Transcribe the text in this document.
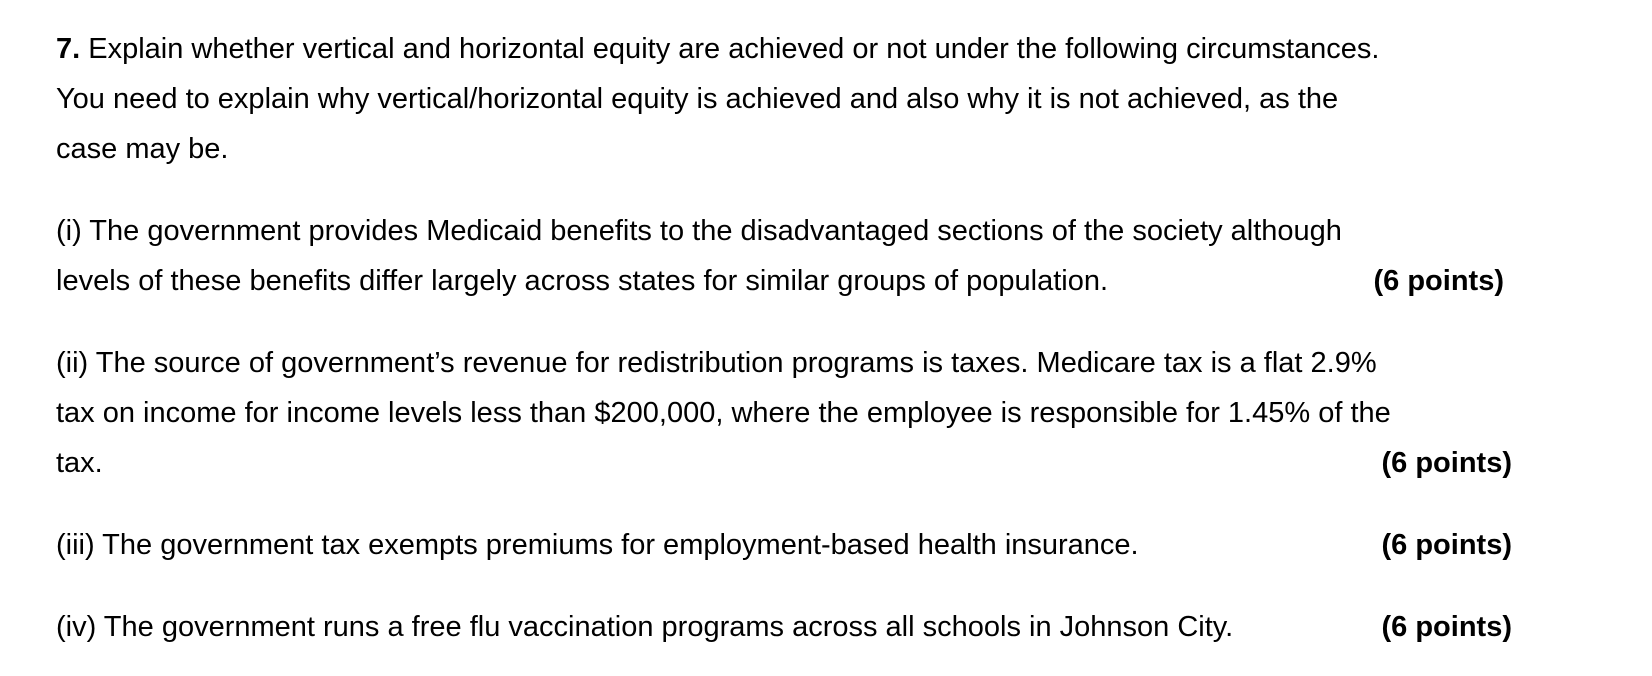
7. Explain whether vertical and horizontal equity are achieved or not under the following circumstances.
You need to explain why vertical/horizontal equity is achieved and also why it is not achieved, as the
case may be.
(i) The government provides Medicaid benefits to the disadvantaged sections of the society although
levels of these benefits differ largely across states for similar groups of population.	(6 points)
(ii) The source of government’s revenue for redistribution programs is taxes. Medicare tax is a flat 2.9%
tax on income for income levels less than $200,000, where the employee is responsible for 1.45% of the
tax.	(6 points)
(iii) The government tax exempts premiums for employment-based health insurance.	(6 points)
(iv) The government runs a free flu vaccination programs across all schools in Johnson City.	(6 points)
